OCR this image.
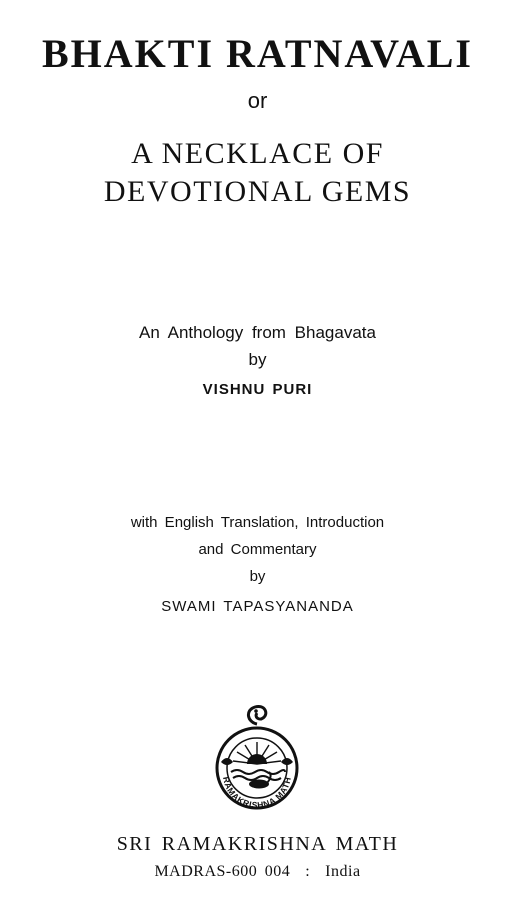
BHAKTI RATNAVALI
or
A NECKLACE OF
DEVOTIONAL GEMS
An Anthology from Bhagavata
by
VISHNU PURI
with English Translation, Introduction
and Commentary
by
SWAMI TAPASYANANDA
RAMAKRISHNA MATH
SRI RAMAKRISHNA MATH
MADRAS-600 004  :  India
